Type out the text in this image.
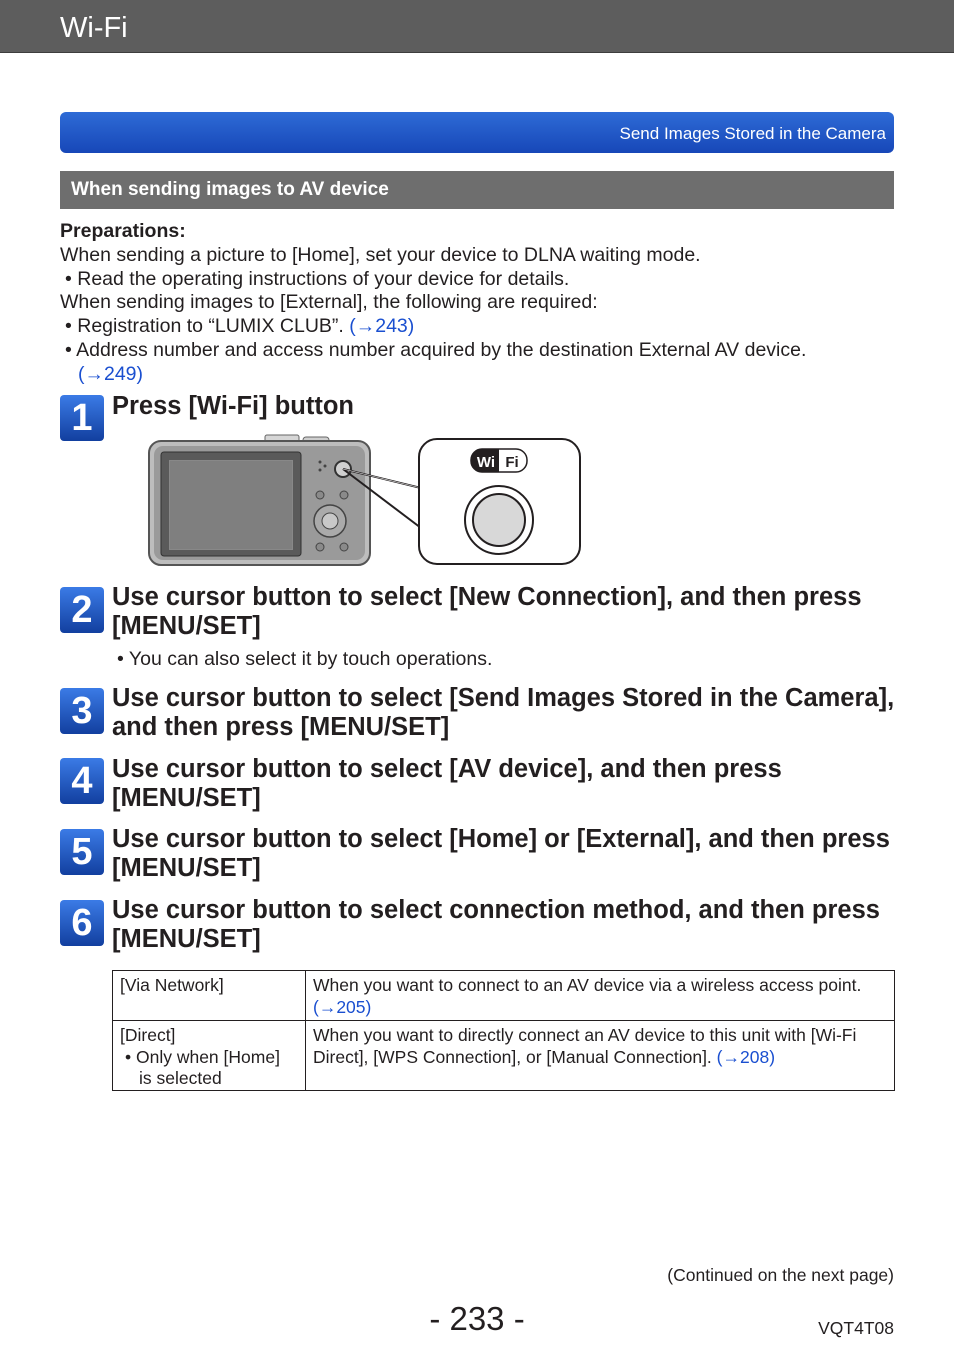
Wi-Fi
Send Images Stored in the Camera
When sending images to AV device

Preparations:

When sending a picture to [Home], set your device to DLNA waiting mode.

• Read the operating instructions of your device for details.

When sending images to [External], the following are required:

• Registration to “LUMIX CLUB”. (→243)

• Address number and access number acquired by the destination External AV device.

(→249)

1 Press [Wi-Fi] button
Wi Fi
2 Use cursor button to select [New Connection], and then press [MENU/SET]
• You can also select it by touch operations.
3 Use cursor button to select [Send Images Stored in the Camera], and then press [MENU/SET]
4 Use cursor button to select [AV device], and then press [MENU/SET]
5 Use cursor button to select [Home] or [External], and then press [MENU/SET]
6 Use cursor button to select connection method, and then press [MENU/SET]
[Via Network]	When you want to connect to an AV device via a wireless access point. (→205)

[Direct]
• Only when [Home]
is selected	When you want to directly connect an AV device to this unit with [Wi-Fi Direct], [WPS Connection], or [Manual Connection]. (→208)
(Continued on the next page)
- 233 -	VQT4T08
